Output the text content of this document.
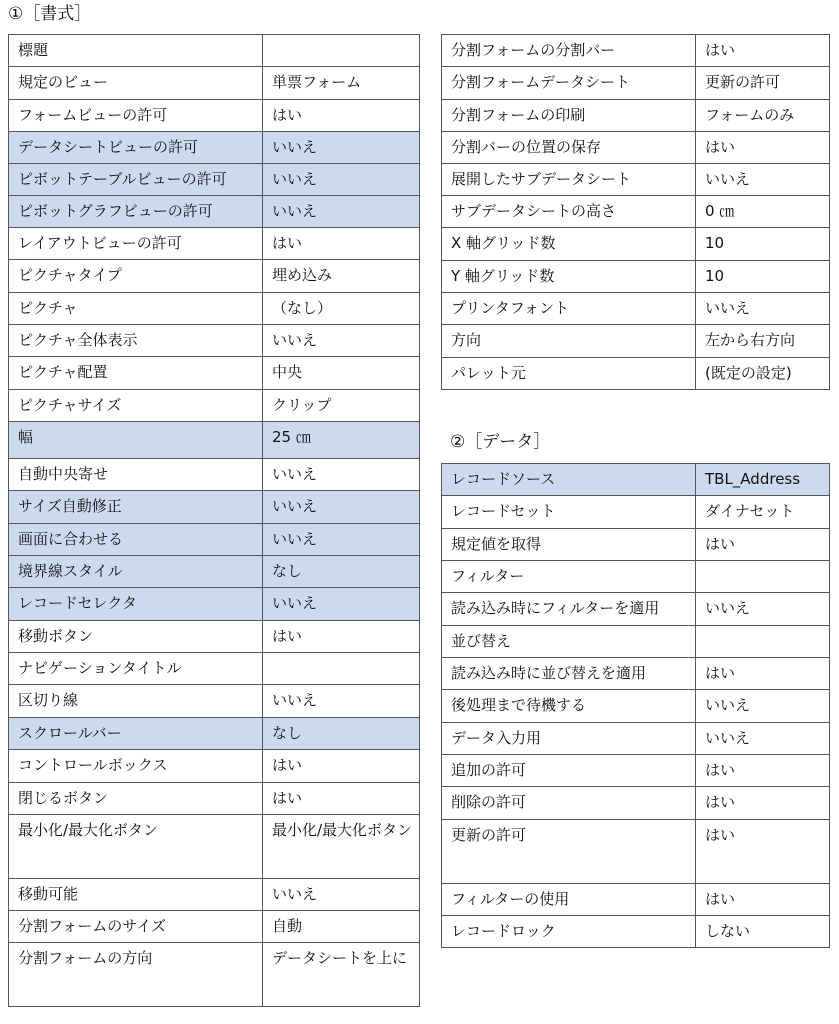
①［書式］
標題	
規定のビュー	単票フォーム
フォームビューの許可	はい
データシートビューの許可	いいえ
ピボットテーブルビューの許可	いいえ
ピボットグラフビューの許可	いいえ
レイアウトビューの許可	はい
ピクチャタイプ	埋め込み
ピクチャ	（なし）
ピクチャ全体表示	いいえ
ピクチャ配置	中央
ピクチャサイズ	クリップ
幅	25 ㎝
自動中央寄せ	いいえ
サイズ自動修正	いいえ
画面に合わせる	いいえ
境界線スタイル	なし
レコードセレクタ	いいえ
移動ボタン	はい
ナビゲーションタイトル	
区切り線	いいえ
スクロールバー	なし
コントロールボックス	はい
閉じるボタン	はい
最小化/最大化ボタン	最小化/最大化ボタン
移動可能	いいえ
分割フォームのサイズ	自動
分割フォームの方向	データシートを上に
分割フォームの分割バー	はい
分割フォームデータシート	更新の許可
分割フォームの印刷	フォームのみ
分割バーの位置の保存	はい
展開したサブデータシート	いいえ
サブデータシートの高さ	0 ㎝
X 軸グリッド数	10
Y 軸グリッド数	10
プリンタフォント	いいえ
方向	左から右方向
パレット元	(既定の設定)
②［データ］
レコードソース	TBL_Address
レコードセット	ダイナセット
規定値を取得	はい
フィルター	
読み込み時にフィルターを適用	いいえ
並び替え	
読み込み時に並び替えを適用	はい
後処理まで待機する	いいえ
データ入力用	いいえ
追加の許可	はい
削除の許可	はい
更新の許可	はい
フィルターの使用	はい
レコードロック	しない
